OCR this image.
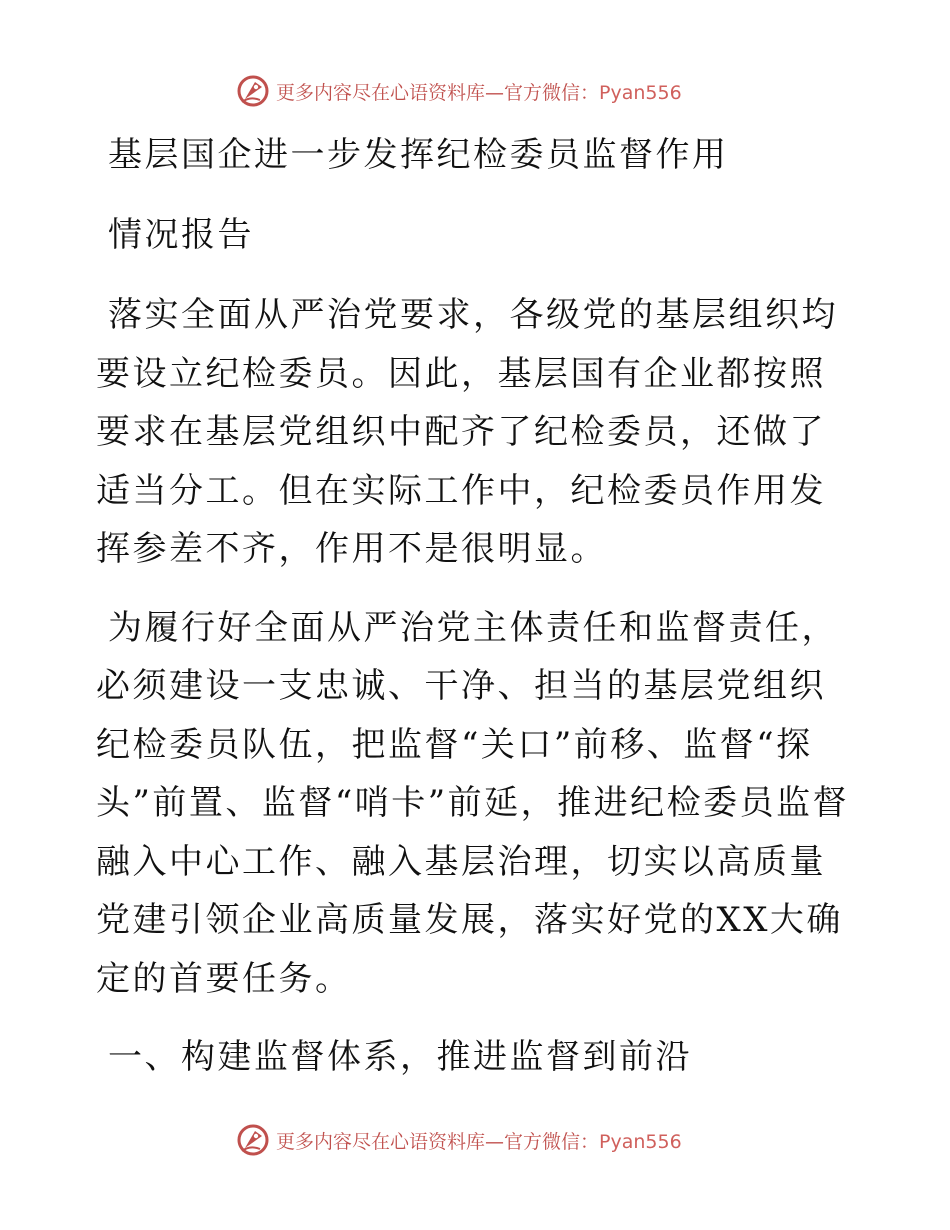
更多内容尽在心语资料库—官方微信：Pyan556

基层国企进一步发挥纪检委员监督作用

情况报告

落实全面从严治党要求，各级党的基层组织均要设立纪检委员。因此，基层国有企业都按照要求在基层党组织中配齐了纪检委员，还做了适当分工。但在实际工作中，纪检委员作用发挥参差不齐，作用不是很明显。

为履行好全面从严治党主体责任和监督责任，必须建设一支忠诚、干净、担当的基层党组织纪检委员队伍，把监督“关口”前移、监督“探头”前置、监督“哨卡”前延，推进纪检委员监督融入中心工作、融入基层治理，切实以高质量党建引领企业高质量发展，落实好党的XX大确定的首要任务。

一、构建监督体系，推进监督到前沿

更多内容尽在心语资料库—官方微信：Pyan556
